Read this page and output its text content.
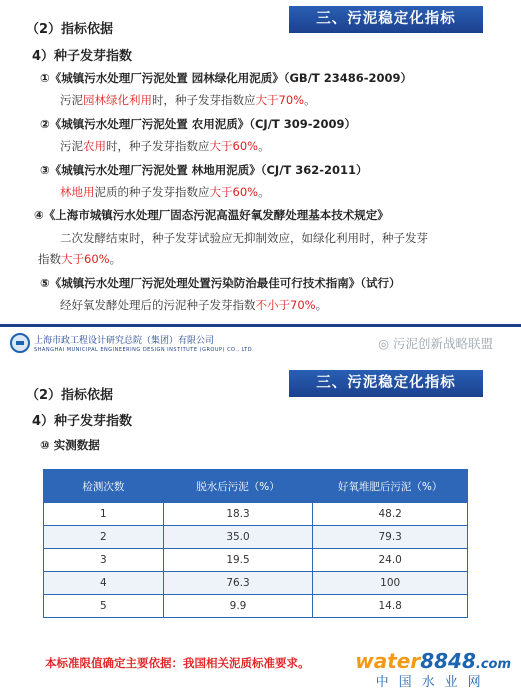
三、污泥稳定化指标
（2）指标依据
4）种子发芽指数
①《城镇污水处理厂污泥处置 园林绿化用泥质》（GB/T 23486-2009）
污泥园林绿化利用时，种子发芽指数应大于70%。
②《城镇污水处理厂污泥处置 农用泥质》（CJ/T 309-2009）
污泥农用时，种子发芽指数应大于60%。
③《城镇污水处理厂污泥处置 林地用泥质》（CJ/T 362-2011）
林地用泥质的种子发芽指数应大于60%。
④《上海市城镇污水处理厂固态污泥高温好氧发酵处理基本技术规定》
二次发酵结束时，种子发芽试验应无抑制效应，如绿化利用时，种子发芽
指数大于60%。
⑤《城镇污水处理厂污泥处理处置污染防治最佳可行技术指南》（试行）
经好氧发酵处理后的污泥种子发芽指数不小于70%。
上海市政工程设计研究总院（集团）有限公司
SHANGHAI MUNICIPAL ENGINEERING DESIGN INSTITUTE (GROUP) CO., LTD.	◎ 污泥创新战略联盟
三、污泥稳定化指标
（2）指标依据
4）种子发芽指数
⑩ 实测数据
检测次数	脱水后污泥（%）	好氧堆肥后污泥（%）
1	18.3	48.2
2	35.0	79.3
3	19.5	24.0
4	76.3	100
5	9.9	14.8
本标准限值确定主要依据：我国相关泥质标准要求。 water8848.com
中国水业网
